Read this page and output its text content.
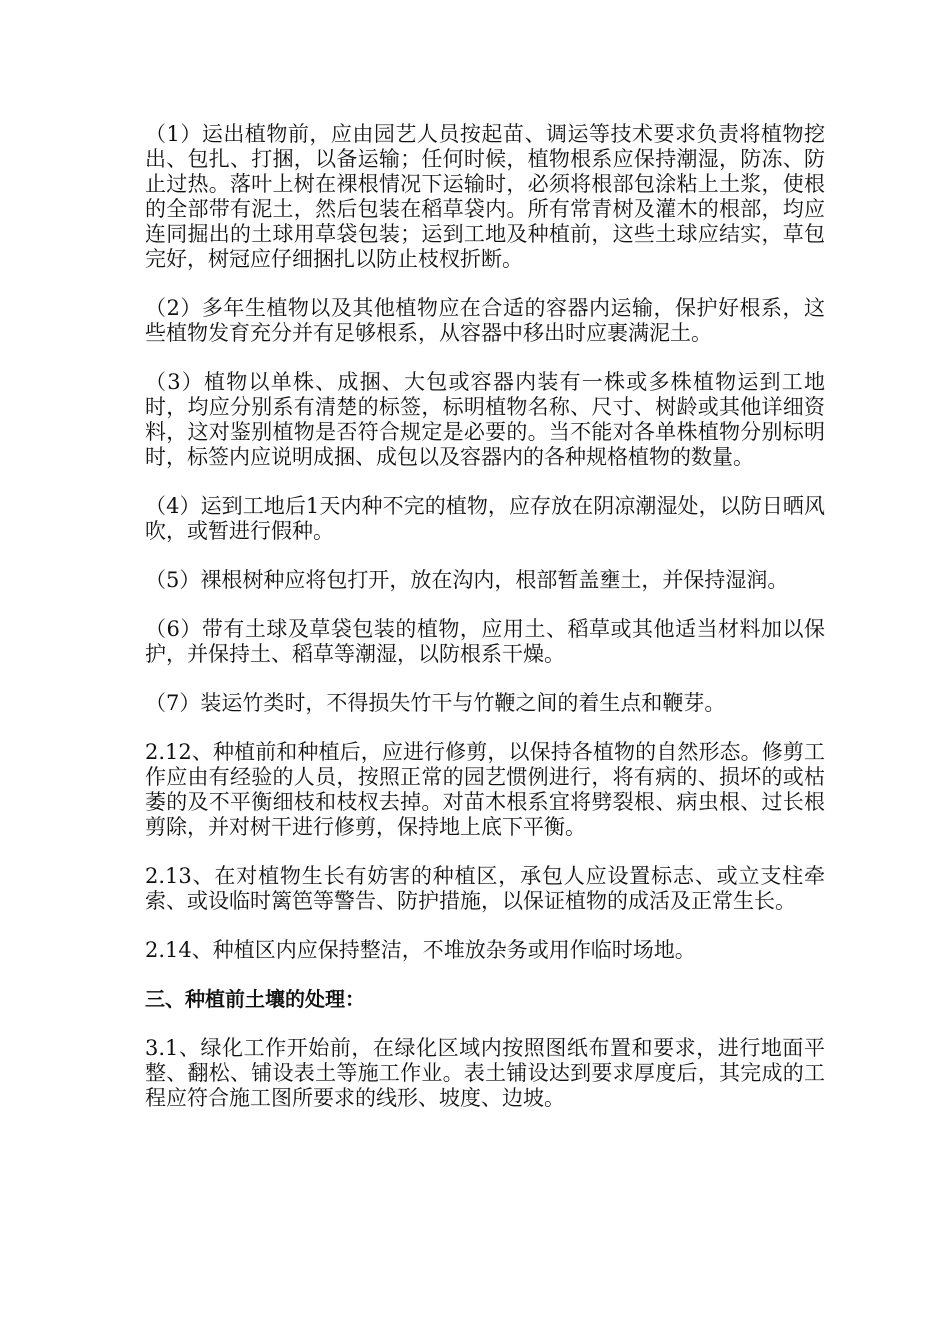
（1）运出植物前，应由园艺人员按起苗、调运等技术要求负责将植物挖出、包扎、打捆，以备运输；任何时候，植物根系应保持潮湿，防冻、防止过热。落叶上树在裸根情况下运输时，必须将根部包涂粘上土浆，使根的全部带有泥土，然后包装在稻草袋内。所有常青树及灌木的根部，均应连同掘出的土球用草袋包装；运到工地及种植前，这些土球应结实，草包完好，树冠应仔细捆扎以防止枝杈折断。

（2）多年生植物以及其他植物应在合适的容器内运输，保护好根系，这些植物发育充分并有足够根系，从容器中移出时应裹满泥土。

（3）植物以单株、成捆、大包或容器内装有一株或多株植物运到工地时，均应分别系有清楚的标签，标明植物名称、尺寸、树龄或其他详细资料，这对鉴别植物是否符合规定是必要的。当不能对各单株植物分别标明时，标签内应说明成捆、成包以及容器内的各种规格植物的数量。

（4）运到工地后1天内种不完的植物，应存放在阴凉潮湿处，以防日晒风吹，或暂进行假种。

（5）裸根树种应将包打开，放在沟内，根部暂盖壅土，并保持湿润。

（6）带有土球及草袋包装的植物，应用土、稻草或其他适当材料加以保护，并保持土、稻草等潮湿，以防根系干燥。

（7）装运竹类时，不得损失竹干与竹鞭之间的着生点和鞭芽。

2.12、种植前和种植后，应进行修剪，以保持各植物的自然形态。修剪工作应由有经验的人员，按照正常的园艺惯例进行，将有病的、损坏的或枯萎的及不平衡细枝和枝杈去掉。对苗木根系宜将劈裂根、病虫根、过长根剪除，并对树干进行修剪，保持地上底下平衡。

2.13、在对植物生长有妨害的种植区，承包人应设置标志、或立支柱牵索、或设临时篱笆等警告、防护措施，以保证植物的成活及正常生长。

2.14、种植区内应保持整洁，不堆放杂务或用作临时场地。

三、种植前土壤的处理：

3.1、绿化工作开始前，在绿化区域内按照图纸布置和要求，进行地面平整、翻松、铺设表土等施工作业。表土铺设达到要求厚度后，其完成的工程应符合施工图所要求的线形、坡度、边坡。
